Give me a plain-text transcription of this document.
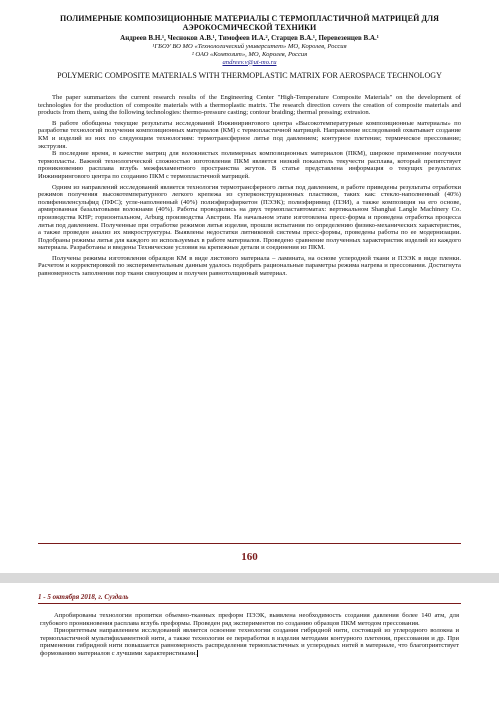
ПОЛИМЕРНЫЕ КОМПОЗИЦИОННЫЕ МАТЕРИАЛЫ С ТЕРМОПЛАСТИЧНОЙ МАТРИЦЕЙ ДЛЯ АЭРОКОСМИЧЕСКОЙ ТЕХНИКИ
Андреев В.Н.¹, Чесноков А.В.¹, Тимофеев И.А.², Старцев В.А.¹, Перевезенцев В.А.¹
¹ГБОУ ВО МО «Технологический университет» МО, Королев, Россия
² ОАО «Композит», МО, Королев, Россия
andreev.v@ut-mo.ru
POLYMERIC COMPOSITE MATERIALS WITH THERMOPLASTIC MATRIX FOR AEROSPACE TECHNOLOGY

The paper summarizes the current research results of the Engineering Center "High-Temperature Composite Materials" on the development of technologies for the production of composite materials with a thermoplastic matrix. The research direction covers the creation of composite materials and products from them, using the following technologies: thermo-pressure casting; contour braiding; thermal pressing; extrusion.

В работе обобщены текущие результаты исследований Инжинирингового центра «Высокотемпературные композиционные материалы» по разработке технологий получения композиционных материалов (КМ) с термопластичной матрицей. Направление исследований охватывает создание КМ и изделий из них по следующим технологиям: термотрансферное литье под давлением; контурное плетение; термическое прессование; экструзия.

В последние время, в качестве матриц для волокнистых полимерных композиционных материалов (ПКМ), широкое применение получили термопласты. Важной технологической сложностью изготовления ПКМ является низкий показатель текучести расплава, который препятствует проникновению расплава вглубь межфиламентного пространства жгутов. В статье представлена информация о текущих результатах Инжинирингового центра по созданию ПКМ с термопластичной матрицей.

Одним из направлений исследований является технология термотрансферного литья под давлением, в работе приведены результаты отработки режимов получения высокотемпературного легкого крепежа из суперконструкционных пластиков, таких как: стекло-наполненный (40%) полифениленсульфид (ПФС); угле-наполненный (40%) полиэфирэфиркетон (ПЭЭК); полиэфиримид (ПЭИ), а также композиция на его основе, армированная базальтовыми волокнами (40%). Работы проводились на двух термопластавтоматах: вертикальном Shanghai Langle Machinery Co. производства КНР; горизонтальном, Arburg производства Австрии. На начальном этапе изготовлена пресс-форма и проведена отработка процесса литья под давлением. Полученные при отработке режимов литья изделия, прошли испытания по определению физико-механических характеристик, а также проведен анализ их микроструктуры. Выявлены недостатки литниковой системы пресс-формы, проведены работы по ее модернизации. Подобраны режимы литья для каждого из используемых в работе материалов. Проведено сравнение полученных характеристик изделий из каждого материала. Разработаны и введены Технические условия на крепежные детали и соединения из ПКМ.

Получены режимы изготовления образцов КМ в виде листового материала – ламината, на основе углеродной ткани и ПЭЭК в виде пленки. Расчетом и корректировкой по экспериментальным данным удалось подобрать рациональные параметры режима нагрева и прессования. Достигнута равномерность заполнения пор ткани связующим и получен равнотолщинный материал.

160
1 - 5 октября 2018, г. Суздаль

Апробированы технологии пропитки объемно-тканных преформ ПЭЭК, выявлена необходимость создания давления более 140 атм, для глубокого проникновения расплава вглубь преформы. Проведен ряд экспериментов по созданию образцов ПКМ методом прессования.

Приоритетным направлением исследований является освоение технологии создания гибридной нити, состоящей из углеродного волокна и термопластичной мультифиламентной нити, а также технологии ее переработки в изделия методами контурного плетения, прессования и др. При применении гибридной нити повышается равномерность распределения термопластичных и углеродных нитей в материале, что благоприятствует формованию материалов с лучшими характеристиками.
